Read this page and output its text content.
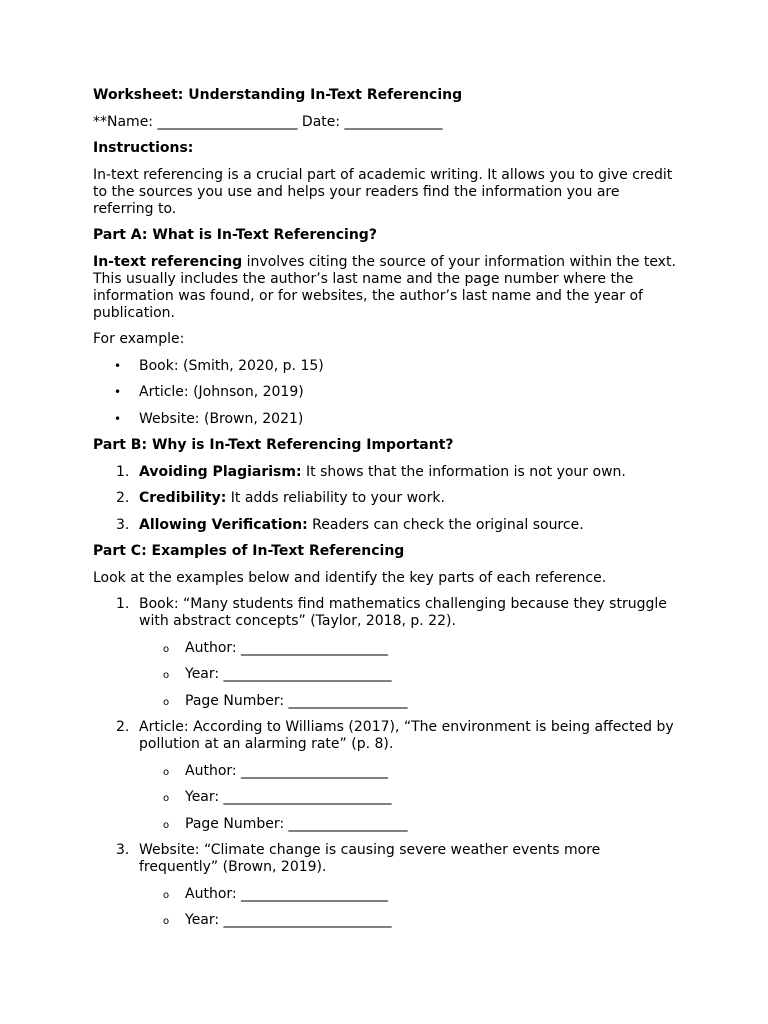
Worksheet: Understanding In-Text Referencing

**Name: ____________________ Date: ______________

Instructions:

In-text referencing is a crucial part of academic writing. It allows you to give credit to the sources you use and helps your readers find the information you are referring to.

Part A: What is In-Text Referencing?

In-text referencing involves citing the source of your information within the text. This usually includes the author’s last name and the page number where the information was found, or for websites, the author’s last name and the year of publication.

For example:

• Book: (Smith, 2020, p. 15)
• Article: (Johnson, 2019)
• Website: (Brown, 2021)

Part B: Why is In-Text Referencing Important?

1. Avoiding Plagiarism: It shows that the information is not your own.
2. Credibility: It adds reliability to your work.
3. Allowing Verification: Readers can check the original source.

Part C: Examples of In-Text Referencing

Look at the examples below and identify the key parts of each reference.

1. Book: “Many students find mathematics challenging because they struggle with abstract concepts” (Taylor, 2018, p. 22).
o Author: _____________________
o Year: ________________________
o Page Number: _________________
2. Article: According to Williams (2017), “The environment is being affected by pollution at an alarming rate” (p. 8).
o Author: _____________________
o Year: ________________________
o Page Number: _________________
3. Website: “Climate change is causing severe weather events more frequently” (Brown, 2019).
o Author: _____________________
o Year: ________________________
